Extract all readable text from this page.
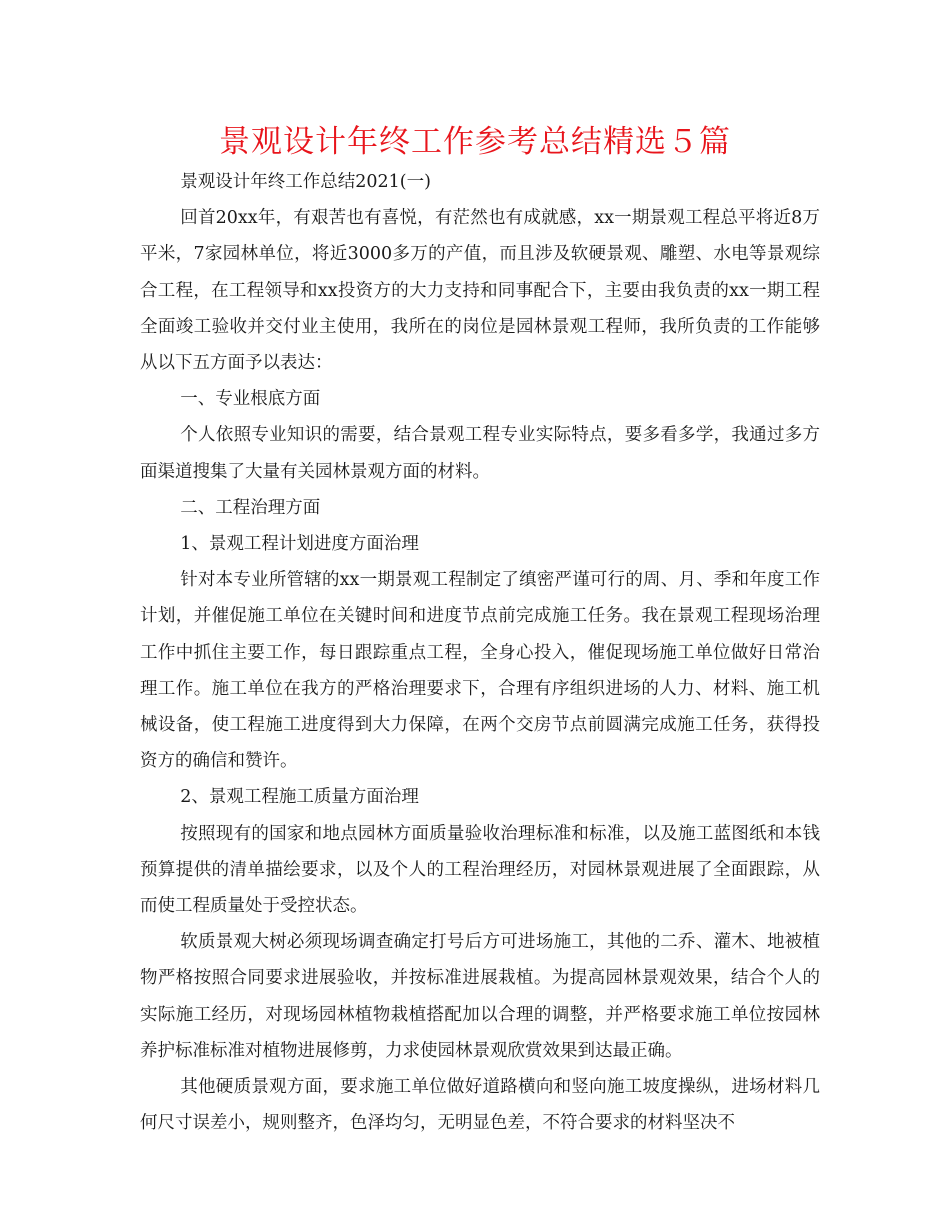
景观设计年终工作参考总结精选５篇

景观设计年终工作总结2021(一)

回首20xx年，有艰苦也有喜悦，有茫然也有成就感，xx一期景观工程总平将近8万平米，7家园林单位，将近3000多万的产值，而且涉及软硬景观、雕塑、水电等景观综合工程，在工程领导和xx投资方的大力支持和同事配合下，主要由我负责的xx一期工程全面竣工验收并交付业主使用，我所在的岗位是园林景观工程师，我所负责的工作能够从以下五方面予以表达：

一、专业根底方面

个人依照专业知识的需要，结合景观工程专业实际特点，要多看多学，我通过多方面渠道搜集了大量有关园林景观方面的材料。

二、工程治理方面

1、景观工程计划进度方面治理

针对本专业所管辖的xx一期景观工程制定了缜密严谨可行的周、月、季和年度工作计划，并催促施工单位在关键时间和进度节点前完成施工任务。我在景观工程现场治理工作中抓住主要工作，每日跟踪重点工程，全身心投入，催促现场施工单位做好日常治理工作。施工单位在我方的严格治理要求下，合理有序组织进场的人力、材料、施工机械设备，使工程施工进度得到大力保障，在两个交房节点前圆满完成施工任务，获得投资方的确信和赞许。

2、景观工程施工质量方面治理

按照现有的国家和地点园林方面质量验收治理标准和标准，以及施工蓝图纸和本钱预算提供的清单描绘要求，以及个人的工程治理经历，对园林景观进展了全面跟踪，从而使工程质量处于受控状态。

软质景观大树必须现场调查确定打号后方可进场施工，其他的二乔、灌木、地被植物严格按照合同要求进展验收，并按标准进展栽植。为提高园林景观效果，结合个人的实际施工经历，对现场园林植物栽植搭配加以合理的调整，并严格要求施工单位按园林养护标准标准对植物进展修剪，力求使园林景观欣赏效果到达最正确。

其他硬质景观方面，要求施工单位做好道路横向和竖向施工坡度操纵，进场材料几何尺寸误差小，规则整齐，色泽均匀，无明显色差，不符合要求的材料坚决不
